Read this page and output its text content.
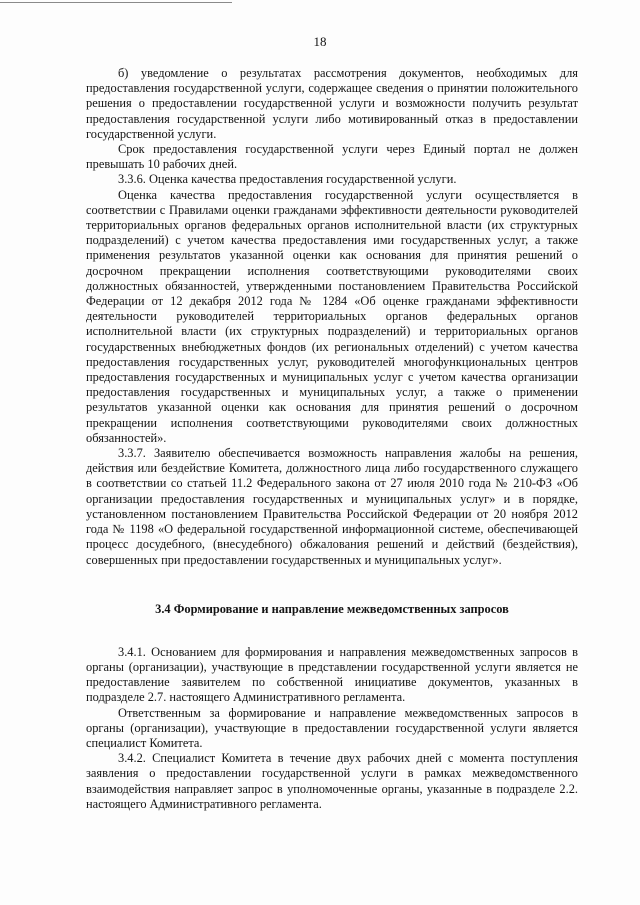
18

б) уведомление о результатах рассмотрения документов, необходимых для предоставления государственной услуги, содержащее сведения о принятии положительного решения о предоставлении государственной услуги и возможности получить результат предоставления государственной услуги либо мотивированный отказ в предоставлении государственной услуги.

Срок предоставления государственной услуги через Единый портал не должен превышать 10 рабочих дней.

3.3.6. Оценка качества предоставления государственной услуги.

Оценка качества предоставления государственной услуги осуществляется в соответствии с Правилами оценки гражданами эффективности деятельности руководителей территориальных органов федеральных органов исполнительной власти (их структурных подразделений) с учетом качества предоставления ими государственных услуг, а также применения результатов указанной оценки как основания для принятия решений о досрочном прекращении исполнения соответствующими руководителями своих должностных обязанностей, утвержденными постановлением Правительства Российской Федерации от 12 декабря 2012 года № 1284 «Об оценке гражданами эффективности деятельности руководителей территориальных органов федеральных органов исполнительной власти (их структурных подразделений) и территориальных органов государственных внебюджетных фондов (их региональных отделений) с учетом качества предоставления государственных услуг, руководителей многофункциональных центров предоставления государственных и муниципальных услуг с учетом качества организации предоставления государственных и муниципальных услуг, а также о применении результатов указанной оценки как основания для принятия решений о досрочном прекращении исполнения соответствующими руководителями своих должностных обязанностей».

3.3.7. Заявителю обеспечивается возможность направления жалобы на решения, действия или бездействие Комитета, должностного лица либо государственного служащего в соответствии со статьей 11.2 Федерального закона от 27 июля 2010 года № 210-ФЗ «Об организации предоставления государственных и муниципальных услуг» и в порядке, установленном постановлением Правительства Российской Федерации от 20 ноября 2012 года № 1198 «О федеральной государственной информационной системе, обеспечивающей процесс досудебного, (внесудебного) обжалования решений и действий (бездействия), совершенных при предоставлении государственных и муниципальных услуг».

3.4 Формирование и направление межведомственных запросов

3.4.1. Основанием для формирования и направления межведомственных запросов в органы (организации), участвующие в представлении государственной услуги является не предоставление заявителем по собственной инициативе документов, указанных в подразделе 2.7. настоящего Административного регламента.

Ответственным за формирование и направление межведомственных запросов в органы (организации), участвующие в предоставлении государственной услуги является специалист Комитета.

3.4.2. Специалист Комитета в течение двух рабочих дней с момента поступления заявления о предоставлении государственной услуги в рамках межведомственного взаимодействия направляет запрос в уполномоченные органы, указанные в подразделе 2.2. настоящего Административного регламента.
